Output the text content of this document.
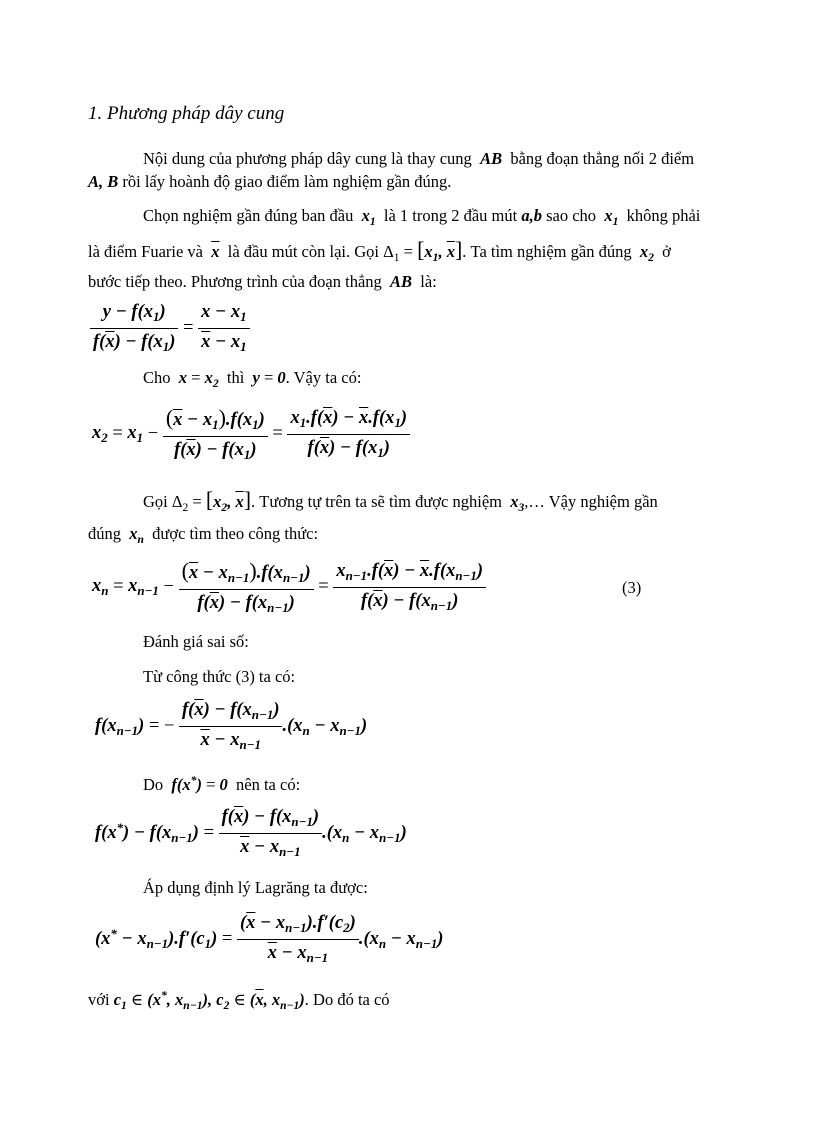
1. Phương pháp dây cung
Nội dung của phương pháp dây cung là thay cung AB bằng đoạn thẳng nối 2 điểm
A, B rồi lấy hoành độ giao điểm làm nghiệm gần đúng.
Chọn nghiệm gần đúng ban đầu $x_1$ là 1 trong 2 đầu mút a,b sao cho $x_1$ không phải
là điểm Fuarie và $\overline{x}$ là đầu mút còn lại. Gọi $\Delta_1 = [x_1$, $\overline{x}$]. Ta tìm nghiệm gần đúng $x_2$ ở
bước tiếp theo. Phương trình của đoạn thẳng AB là:
$\frac{y - f(x_1)}{f(\overline{x}) - f(x_1)} = \frac{x - x_1}{\overline{x} - x_1}$
Cho $x = x_2$ thì y = 0. Vậy ta có:
$x_2 = x_1 - \frac{(\overline{x} - x_1).f(x_1)}{f(\overline{x}) - f(x_1)} = \frac{x_1.f(\overline{x}) - \overline{x}.f(x_1)}{f(\overline{x}) - f(x_1)}$
Gọi $\Delta_2 = [x_2$, $\overline{x}$]. Tương tự trên ta sẽ tìm được nghiệm $x_3,\dots$ Vậy nghiệm gần
đúng $x_n$ được tìm theo công thức:
$x_n = x_{n-1} - \frac{(\overline{x} - x_{n-1}).f(x_{n-1})}{f(\overline{x}) - f(x_{n-1})} = \frac{x_{n-1}.f(\overline{x}) - \overline{x}.f(x_{n-1})}{f(\overline{x}) - f(x_{n-1})}$	(3)
Đánh giá sai số:
Từ công thức (3) ta có:
$f(x_{n-1})$ = − $\frac{f(\overline{x}) - f(x_{n-1})}{\overline{x} - x_{n-1}} .(x_n - x_{n-1})$
Do f(x*) = 0 nên ta có:
$f(x^*) - f(x_{n-1}) = \frac{f(\overline{x}) - f(x_{n-1})}{\overline{x} - x_{n-1}} .(x_n - x_{n-1})$
Áp dụng định lý Lagrăng ta được:
$(x^* - x_{n-1}).f'(c_1) = \frac{(\overline{x} - x_{n-1}).f'(c_2)}{\overline{x} - x_{n-1}} .(x_n - x_{n-1})$
với $c_1$ ∈ (x*, $x_{n-1}$), $c_2$ ∈ ($\overline{x}$, $x_{n-1}$). Do đó ta có
